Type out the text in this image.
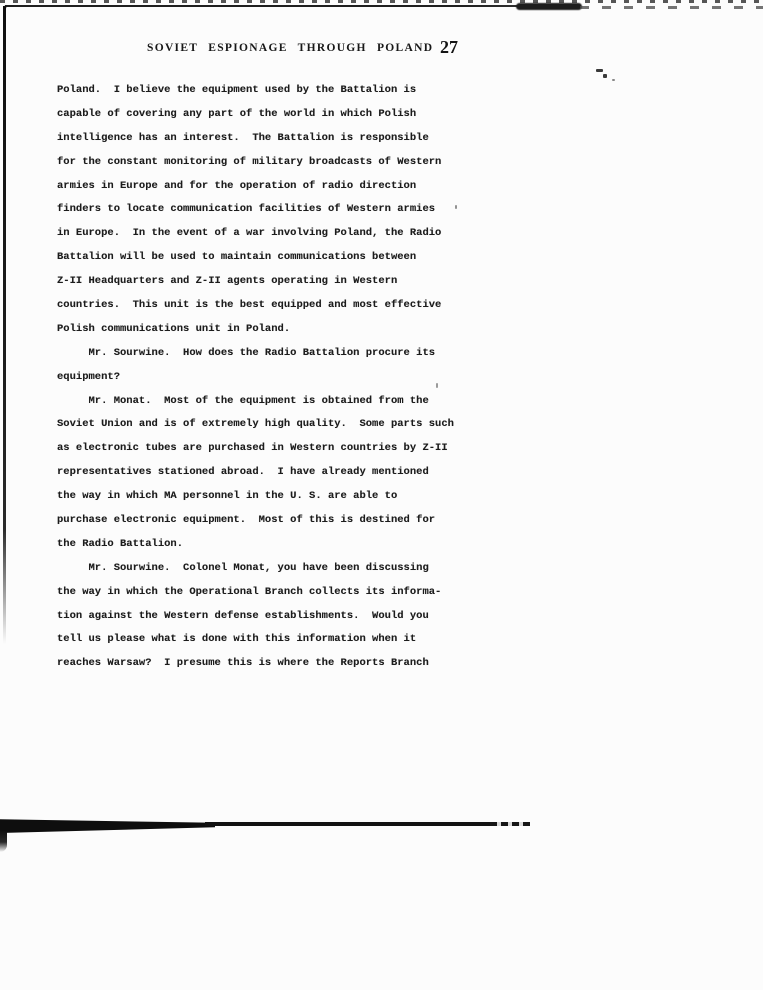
SOVIET ESPIONAGE THROUGH POLAND 27
Poland.  I believe the equipment used by the Battalion is
capable of covering any part of the world in which Polish
intelligence has an interest.  The Battalion is responsible
for the constant monitoring of military broadcasts of Western
armies in Europe and for the operation of radio direction
finders to locate communication facilities of Western armies
in Europe.  In the event of a war involving Poland, the Radio
Battalion will be used to maintain communications between
Z-II Headquarters and Z-II agents operating in Western
countries.  This unit is the best equipped and most effective
Polish communications unit in Poland.
Mr. Sourwine.  How does the Radio Battalion procure its
equipment?
Mr. Monat.  Most of the equipment is obtained from the
Soviet Union and is of extremely high quality.  Some parts such
as electronic tubes are purchased in Western countries by Z-II
representatives stationed abroad.  I have already mentioned
the way in which MA personnel in the U. S. are able to
purchase electronic equipment.  Most of this is destined for
the Radio Battalion.
Mr. Sourwine.  Colonel Monat, you have been discussing
the way in which the Operational Branch collects its informa-
tion against the Western defense establishments.  Would you
tell us please what is done with this information when it
reaches Warsaw?  I presume this is where the Reports Branch
